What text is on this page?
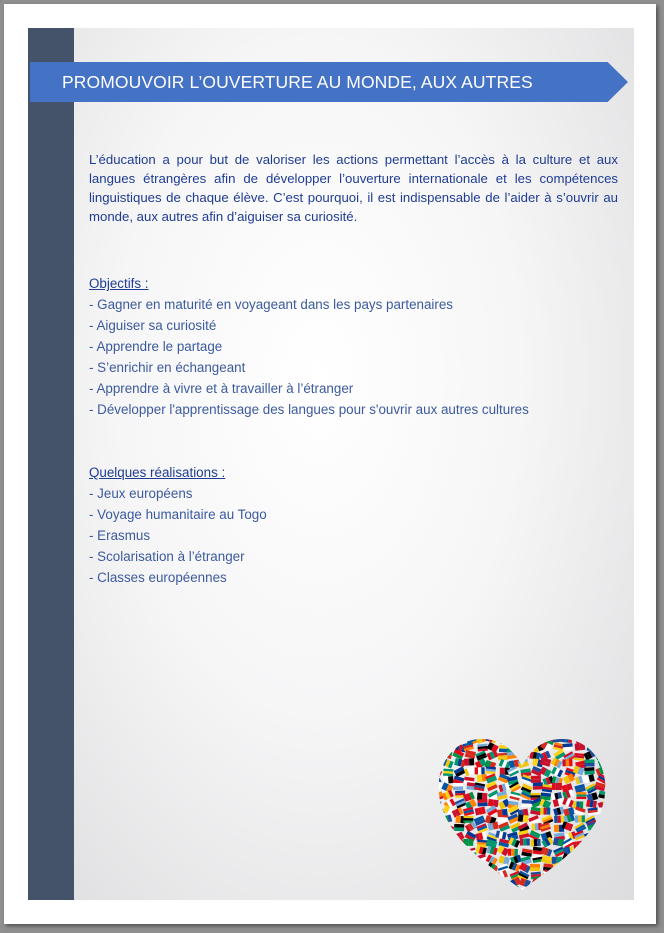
PROMOUVOIR L’OUVERTURE AU MONDE, AUX AUTRES

L’éducation a pour but de valoriser les actions permettant l’accès à la culture et aux langues étrangères afin de développer l’ouverture internationale et les compétences linguistiques de chaque élève. C’est pourquoi, il est indispensable de l’aider à s’ouvrir au monde, aux autres afin d’aiguiser sa curiosité.

Objectifs :

- Gagner en maturité en voyageant dans les pays partenaires
- Aiguiser sa curiosité
- Apprendre le partage
- S’enrichir en échangeant
- Apprendre à vivre et à travailler à l’étranger
- Développer l'apprentissage des langues pour s'ouvrir aux autres cultures

Quelques réalisations :

- Jeux européens
- Voyage humanitaire au Togo
- Erasmus
- Scolarisation à l’étranger
- Classes européennes
